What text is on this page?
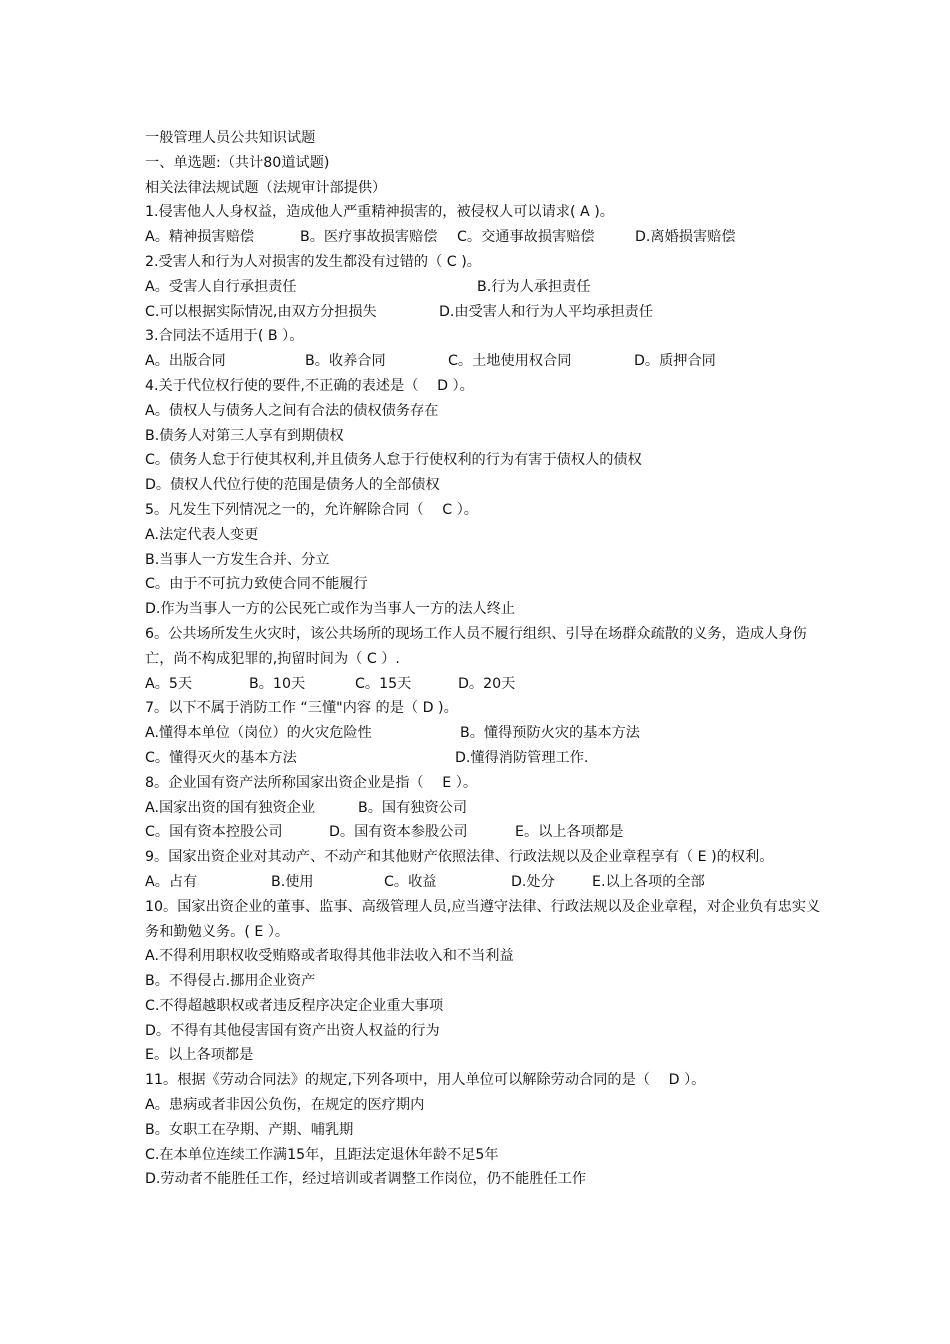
一般管理人员公共知识试题
一、单选题:（共计80道试题)
相关法律法规试题（法规审计部提供）
1.侵害他人人身权益，造成他人严重精神损害的，被侵权人可以请求( A )。
A。精神损害赔偿	B。医疗事故损害赔偿 C。交通事故损害赔偿	D.离婚损害赔偿
2.受害人和行为人对损害的发生都没有过错的（ C )。
A。受害人自行承担责任	B.行为人承担责任
C.可以根据实际情况,由双方分担损失	D.由受害人和行为人平均承担责任
3.合同法不适用于( B ）。
A。出版合同	B。收养合同	C。土地使用权合同	D。质押合同
4.关于代位权行使的要件,不正确的表述是（　 D ）。
A。债权人与债务人之间有合法的债权债务存在
B.债务人对第三人享有到期债权
C。债务人怠于行使其权利,并且债务人怠于行使权利的行为有害于债权人的债权
D。债权人代位行使的范围是债务人的全部债权
5。凡发生下列情况之一的，允许解除合同（　 C ）。
A.法定代表人变更
B.当事人一方发生合并、分立
C。由于不可抗力致使合同不能履行
D.作为当事人一方的公民死亡或作为当事人一方的法人终止
6。公共场所发生火灾时，该公共场所的现场工作人员不履行组织、引导在场群众疏散的义务，造成人身伤亡，尚不构成犯罪的,拘留时间为（ C ）.
A。5天	B。10天	C。15天	D。20天
7。以下不属于消防工作 “三懂"内容 的是（ D )。
A.懂得本单位（岗位）的火灾危险性	B。懂得预防火灾的基本方法
C。懂得灭火的基本方法	D.懂得消防管理工作.
8。企业国有资产法所称国家出资企业是指（　 E ）。
A.国家出资的国有独资企业	B。国有独资公司
C。国有资本控股公司	D。国有资本参股公司	E。以上各项都是
9。国家出资企业对其动产、不动产和其他财产依照法律、行政法规以及企业章程享有（ E )的权利。
A。占有	B.使用	C。收益	D.处分	E.以上各项的全部
10。国家出资企业的董事、监事、高级管理人员,应当遵守法律、行政法规以及企业章程，对企业负有忠实义务和勤勉义务。( E ）。
A.不得利用职权收受贿赂或者取得其他非法收入和不当利益
B。不得侵占.挪用企业资产
C.不得超越职权或者违反程序决定企业重大事项
D。不得有其他侵害国有资产出资人权益的行为
E。以上各项都是
11。根据《劳动合同法》的规定,下列各项中，用人单位可以解除劳动合同的是（　 D ）。
A。患病或者非因公负伤，在规定的医疗期内
B。女职工在孕期、产期、哺乳期
C.在本单位连续工作满15年，且距法定退休年龄不足5年
D.劳动者不能胜任工作，经过培训或者调整工作岗位，仍不能胜任工作
